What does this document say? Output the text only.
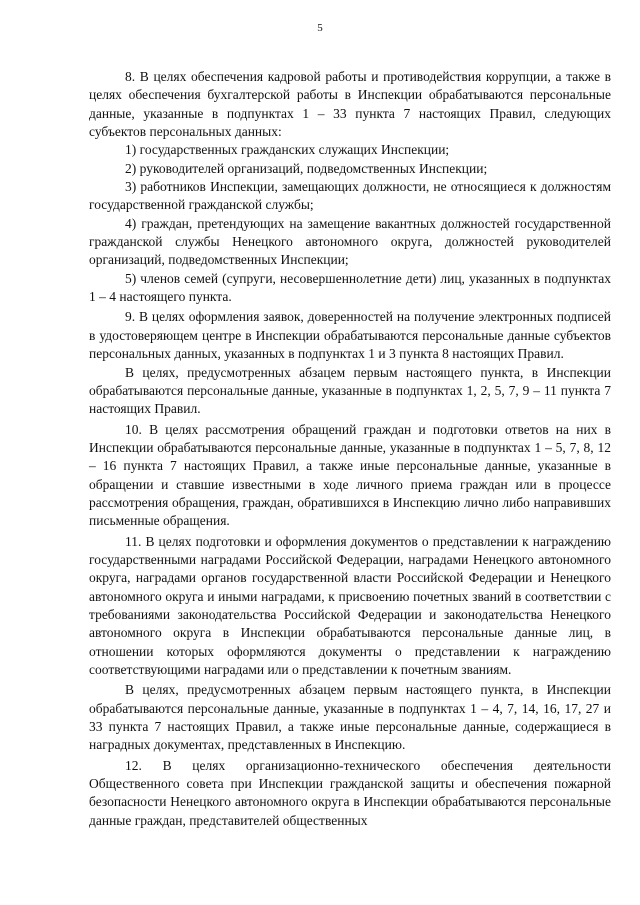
5

8. В целях обеспечения кадровой работы и противодействия коррупции, а также в целях обеспечения бухгалтерской работы в Инспекции обрабатываются персональные данные, указанные в подпунктах 1 – 33 пункта 7 настоящих Правил, следующих субъектов персональных данных:

1) государственных гражданских служащих Инспекции;

2) руководителей организаций, подведомственных Инспекции;

3) работников Инспекции, замещающих должности, не относящиеся к должностям государственной гражданской службы;

4) граждан, претендующих на замещение вакантных должностей государственной гражданской службы Ненецкого автономного округа, должностей руководителей организаций, подведомственных Инспекции;

5) членов семей (супруги, несовершеннолетние дети) лиц, указанных в подпунктах 1 – 4 настоящего пункта.

9. В целях оформления заявок, доверенностей на получение электронных подписей в удостоверяющем центре в Инспекции обрабатываются персональные данные субъектов персональных данных, указанных в подпунктах 1 и 3 пункта 8 настоящих Правил.

В целях, предусмотренных абзацем первым настоящего пункта, в Инспекции обрабатываются персональные данные, указанные в подпунктах 1, 2, 5, 7, 9 – 11 пункта 7 настоящих Правил.

10. В целях рассмотрения обращений граждан и подготовки ответов на них в Инспекции обрабатываются персональные данные, указанные в подпунктах 1 – 5, 7, 8, 12 – 16 пункта 7 настоящих Правил, а также иные персональные данные, указанные в обращении и ставшие известными в ходе личного приема граждан или в процессе рассмотрения обращения, граждан, обратившихся в Инспекцию лично либо направивших письменные обращения.

11. В целях подготовки и оформления документов о представлении к награждению государственными наградами Российской Федерации, наградами Ненецкого автономного округа, наградами органов государственной власти Российской Федерации и Ненецкого автономного округа и иными наградами, к присвоению почетных званий в соответствии с требованиями законодательства Российской Федерации и законодательства Ненецкого автономного округа в Инспекции обрабатываются персональные данные лиц, в отношении которых оформляются документы о представлении к награждению соответствующими наградами или о представлении к почетным званиям.

В целях, предусмотренных абзацем первым настоящего пункта, в Инспекции обрабатываются персональные данные, указанные в подпунктах 1 – 4, 7, 14, 16, 17, 27 и 33 пункта 7 настоящих Правил, а также иные персональные данные, содержащиеся в наградных документах, представленных в Инспекцию.

12. В целях организационно-технического обеспечения деятельности Общественного совета при Инспекции гражданской защиты и обеспечения пожарной безопасности Ненецкого автономного округа в Инспекции обрабатываются персональные данные граждан, представителей общественных
